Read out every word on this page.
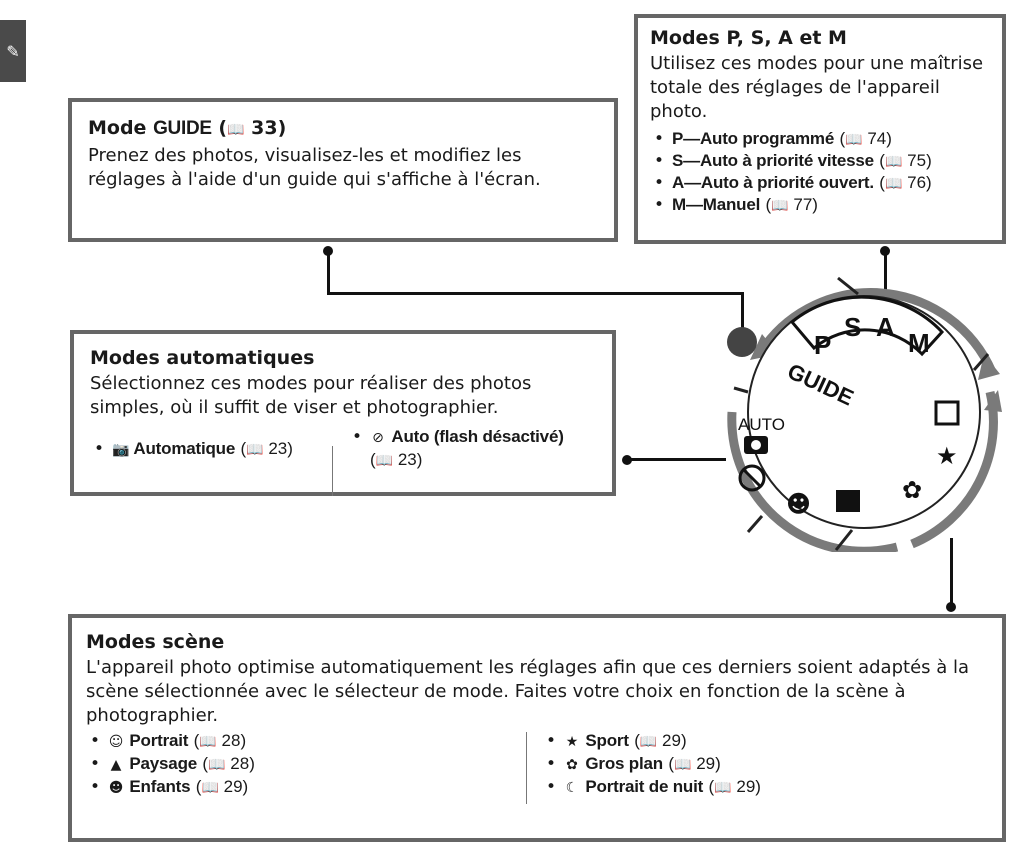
✎
Modes P, S, A et M

Utilisez ces modes pour une maîtrise totale des réglages de l'appareil photo.

• P—Auto programmé (📖 74)
• S—Auto à priorité vitesse (📖 75)
• A—Auto à priorité ouvert. (📖 76)
• M—Manuel (📖 77)
Mode GUIDE (📖 33)

Prenez des photos, visualisez-les et modifiez les réglages à l'aide d'un guide qui s'affiche à l'écran.

Modes automatiques

Sélectionnez ces modes pour réaliser des photos simples, où il suffit de viser et photographier.

• 📷 Automatique (📖 23)
• ⊘ Auto (flash désactivé)
(📖 23)
Modes scène

L'appareil photo optimise automatiquement les réglages afin que ces derniers soient adaptés à la scène sélectionnée avec le sélecteur de mode. Faites votre choix en fonction de la scène à photographier.

• ☺ Portrait (📖 28)
• ▲ Paysage (📖 28)
• ☻ Enfants (📖 29)
• ★ Sport (📖 29)
• ✿ Gros plan (📖 29)
• ☾ Portrait de nuit (📖 29)
P
S A
M
GUIDE
AUTO
★
✿
☻
